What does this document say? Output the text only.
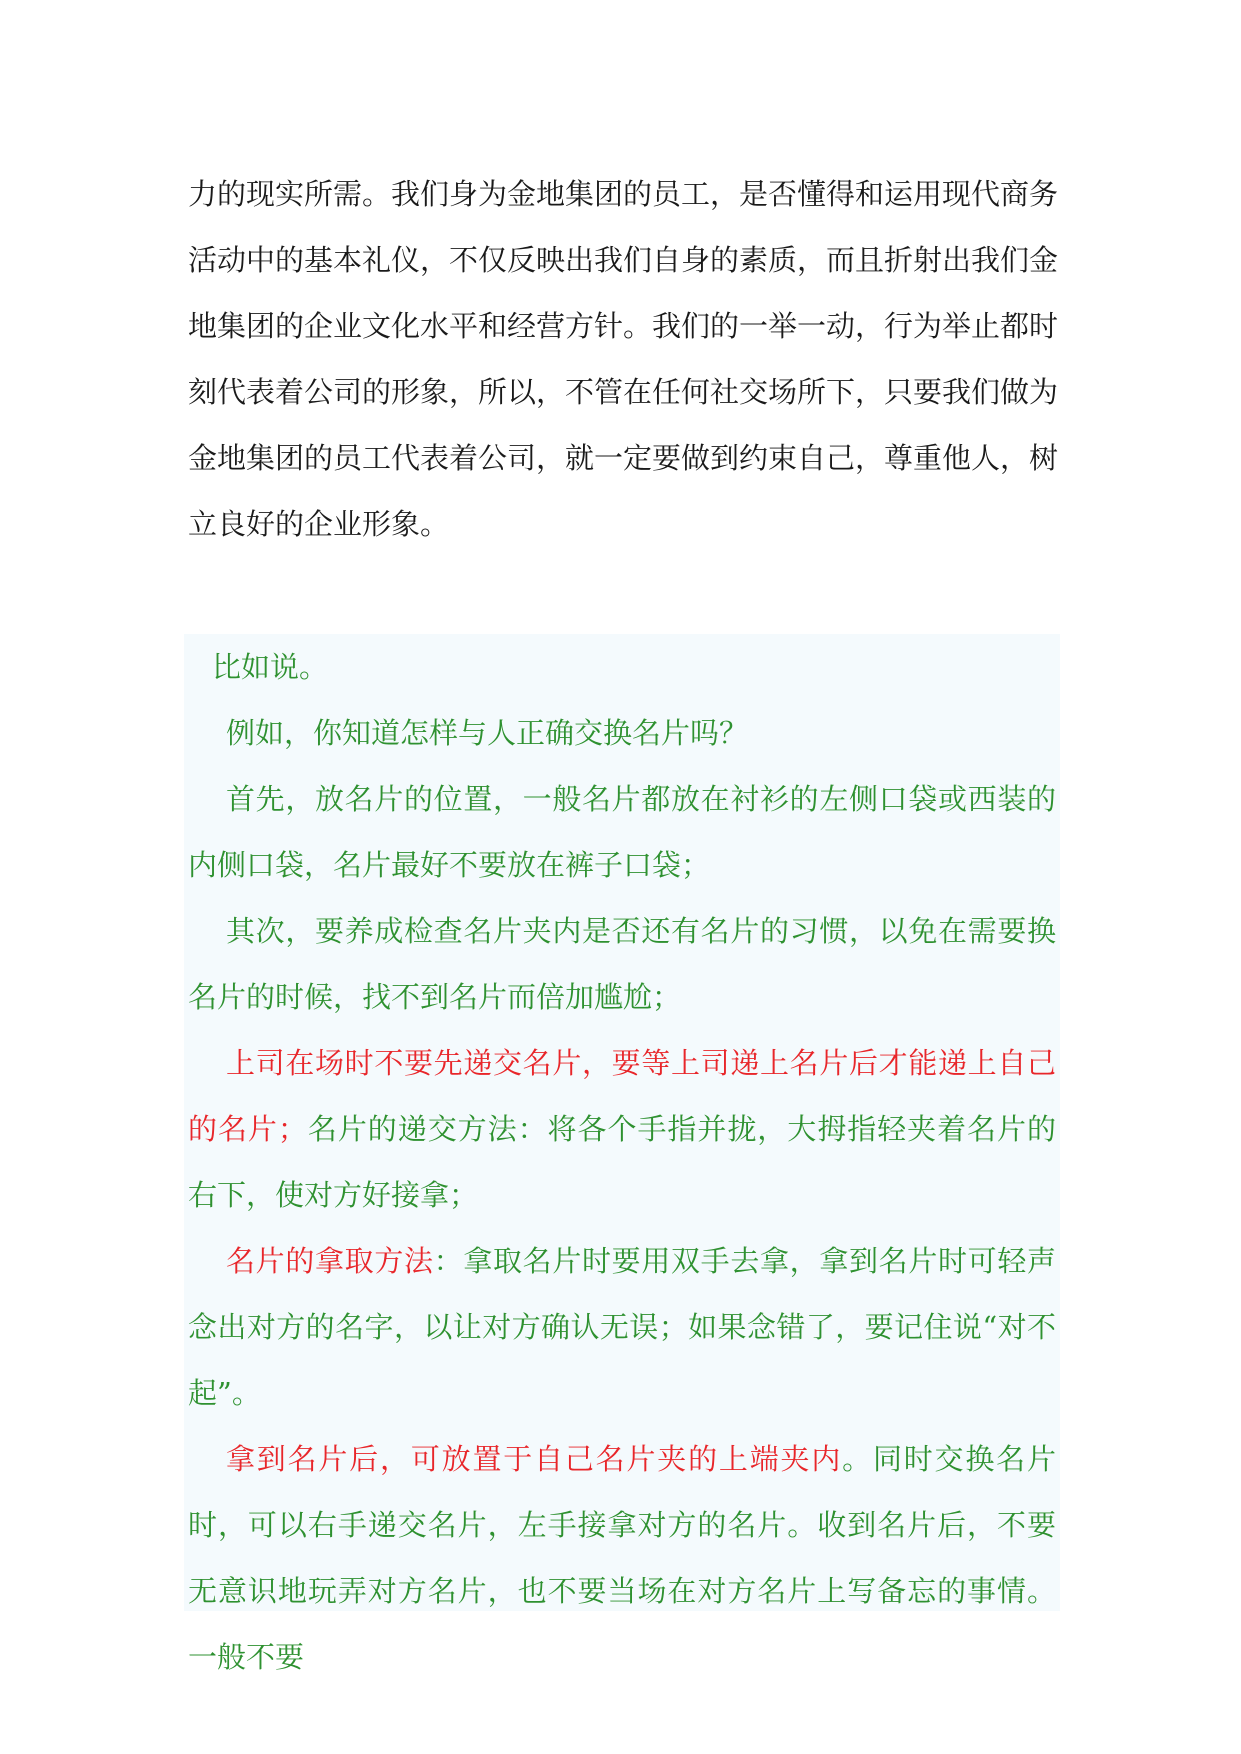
力的现实所需。我们身为金地集团的员工，是否懂得和运用现代商务活动中的基本礼仪，不仅反映出我们自身的素质，而且折射出我们金地集团的企业文化水平和经营方针。我们的一举一动，行为举止都时刻代表着公司的形象，所以，不管在任何社交场所下，只要我们做为金地集团的员工代表着公司，就一定要做到约束自己，尊重他人，树立良好的企业形象。

比如说。

例如，你知道怎样与人正确交换名片吗？

首先，放名片的位置，一般名片都放在衬衫的左侧口袋或西装的内侧口袋，名片最好不要放在裤子口袋；

其次，要养成检查名片夹内是否还有名片的习惯，以免在需要换名片的时候，找不到名片而倍加尴尬；

上司在场时不要先递交名片，要等上司递上名片后才能递上自己的名片；名片的递交方法：将各个手指并拢，大拇指轻夹着名片的右下，使对方好接拿；

名片的拿取方法：拿取名片时要用双手去拿，拿到名片时可轻声念出对方的名字，以让对方确认无误；如果念错了，要记住说“对不起”。

拿到名片后，可放置于自己名片夹的上端夹内。同时交换名片时，可以右手递交名片，左手接拿对方的名片。收到名片后，不要无意识地玩弄对方名片，也不要当场在对方名片上写备忘的事情。一般不要
